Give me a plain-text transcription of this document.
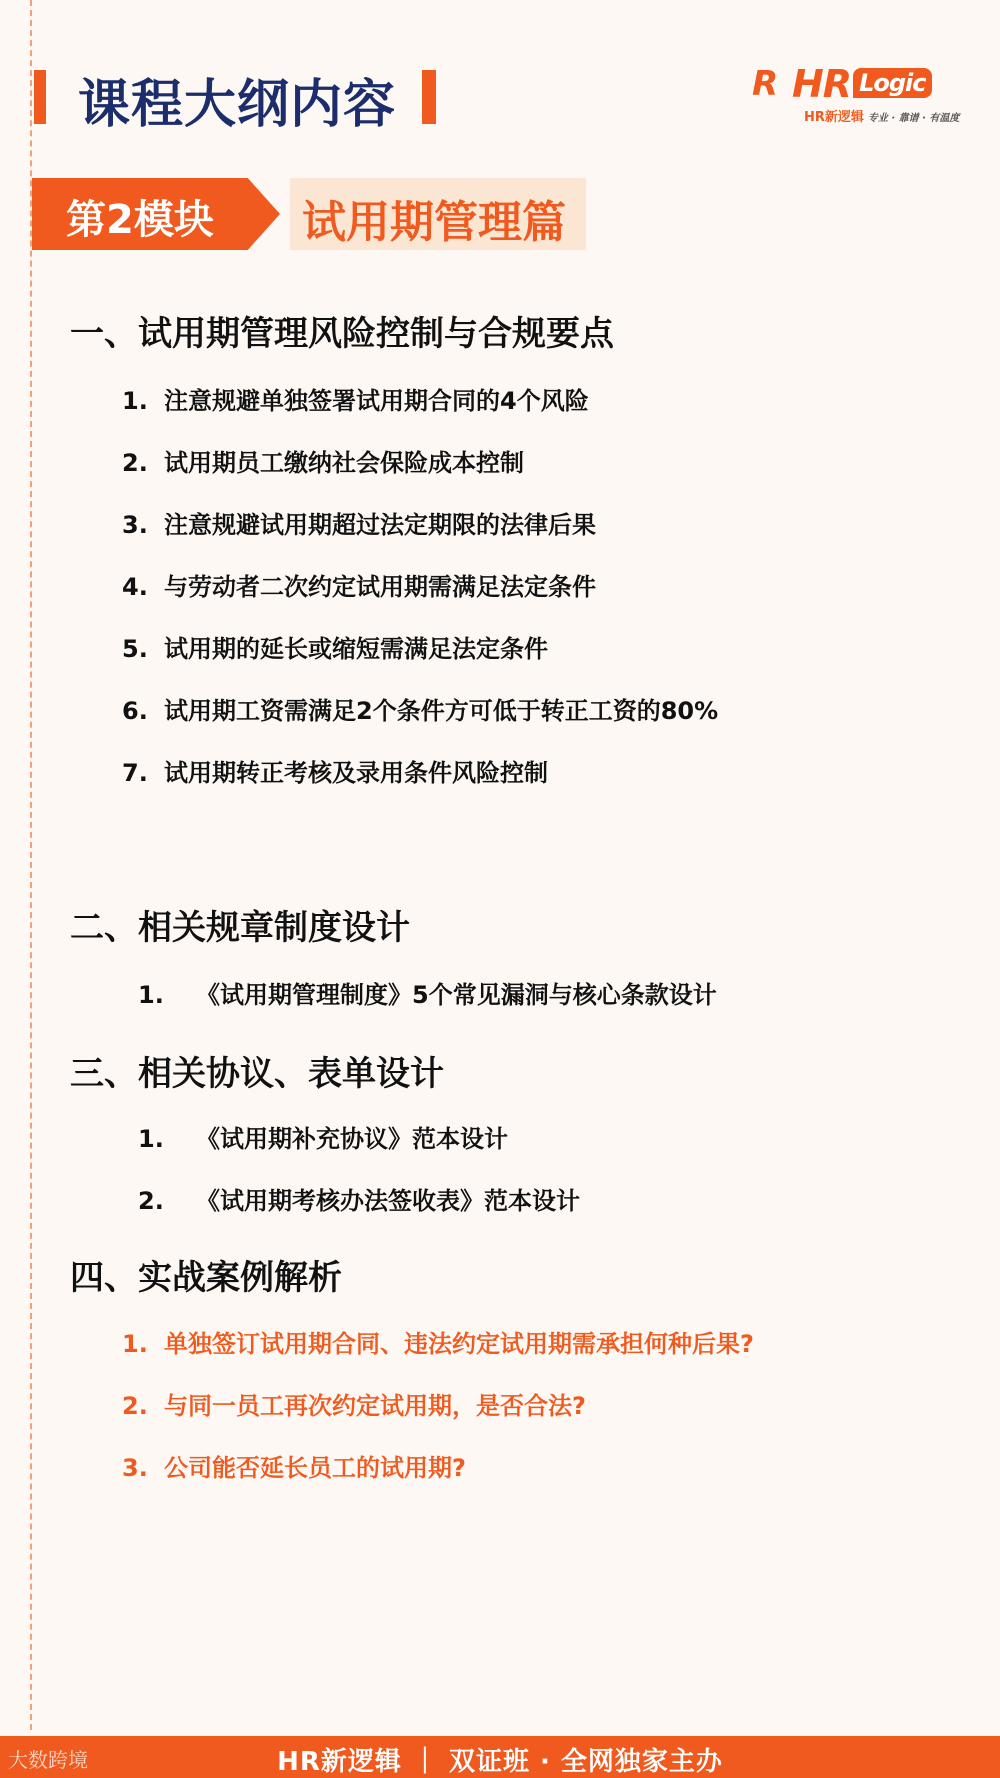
课程大纲内容	R HR Logic
HR新逻辑 专业 · 靠谱 · 有温度
第2模块 试用期管理篇
一、试用期管理风险控制与合规要点
1. 注意规避单独签署试用期合同的4个风险
2. 试用期员工缴纳社会保险成本控制
3. 注意规避试用期超过法定期限的法律后果
4. 与劳动者二次约定试用期需满足法定条件
5. 试用期的延长或缩短需满足法定条件
6. 试用期工资需满足2个条件方可低于转正工资的80%
7. 试用期转正考核及录用条件风险控制
二、相关规章制度设计
1. 《试用期管理制度》5个常见漏洞与核心条款设计
三、相关协议、表单设计
1. 《试用期补充协议》范本设计
2. 《试用期考核办法签收表》范本设计
四、实战案例解析
1. 单独签订试用期合同、违法约定试用期需承担何种后果?
2. 与同一员工再次约定试用期，是否合法?
3. 公司能否延长员工的试用期?
大数跨境	HR新逻辑 ｜ 双证班 · 全网独家主办
